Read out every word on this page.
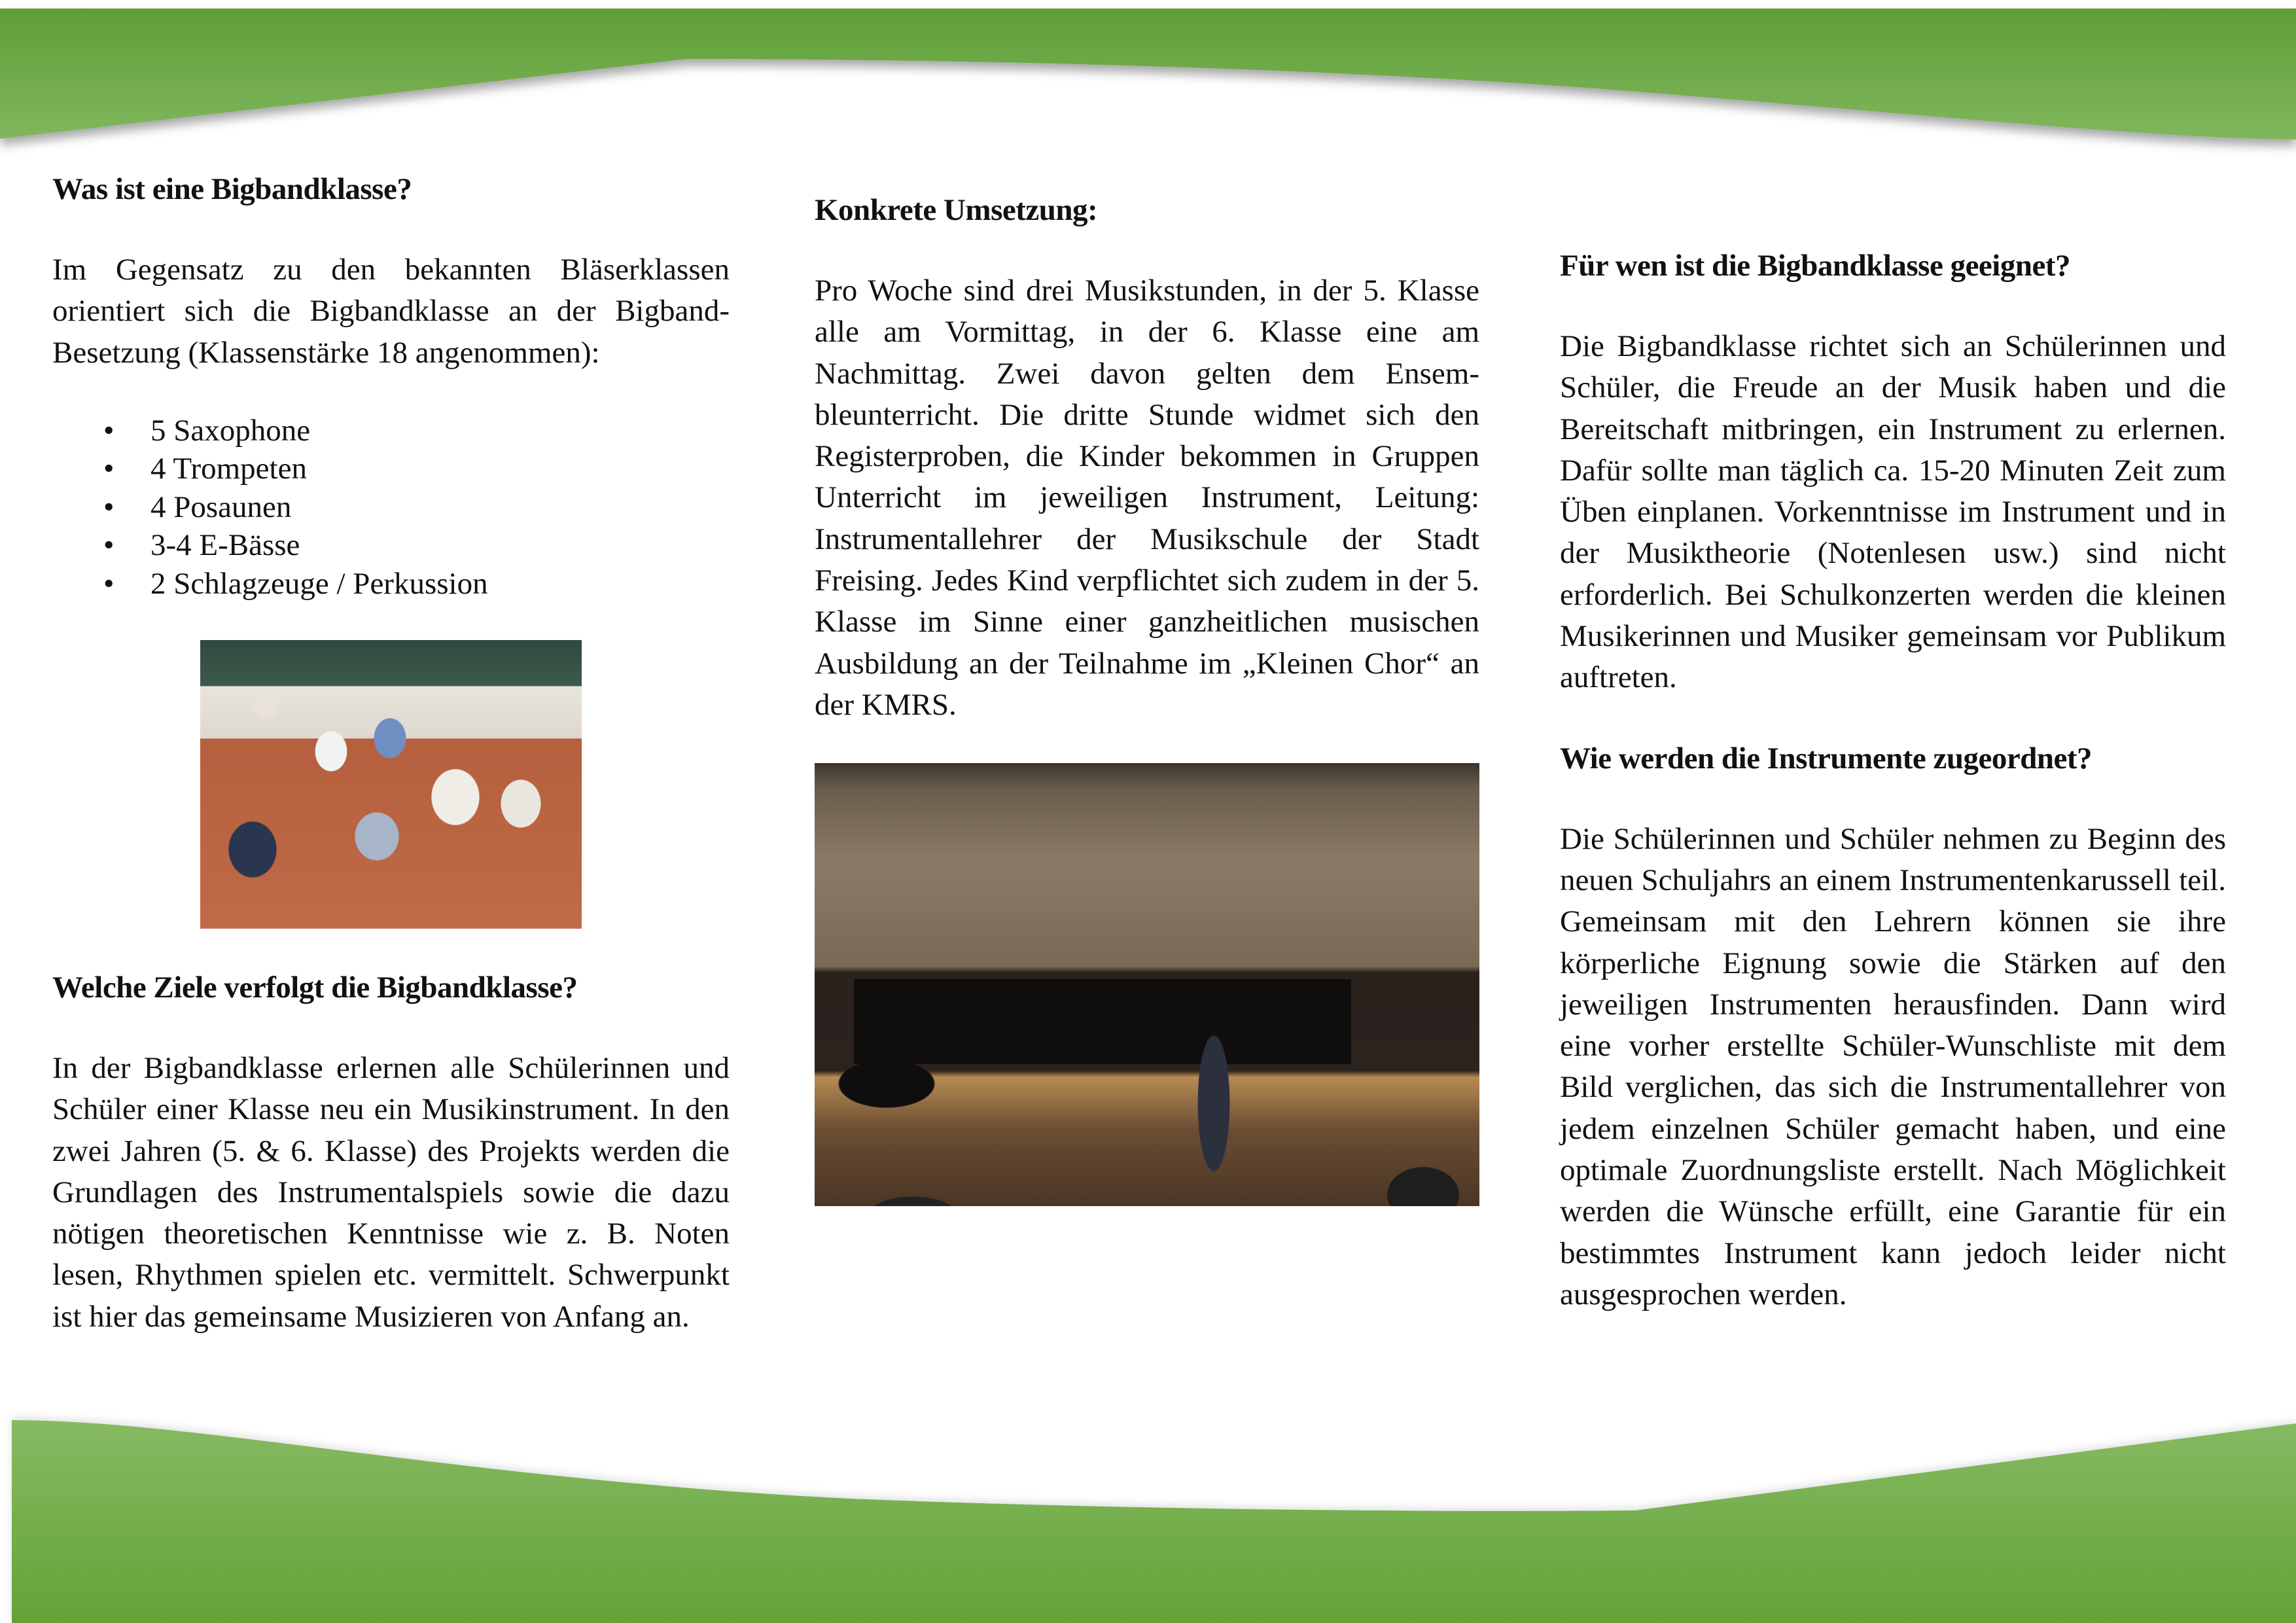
Was ist eine Bigbandklasse?

Im Gegensatz zu den bekannten Bläserklassen orientiert sich die Bigbandklasse an der Bigband-Besetzung (Klassenstärke 18 angenommen):

• 5 Saxophone
• 4 Trompeten
• 4 Posaunen
• 3-4 E-Bässe
• 2 Schlagzeuge / Perkussion
Welche Ziele verfolgt die Bigbandklasse?

In der Bigbandklasse erlernen alle Schülerinnen und Schüler einer Klasse neu ein Musikinstrument. In den zwei Jahren (5. & 6. Klasse) des Projekts werden die Grundlagen des Instrumentalspiels sowie die dazu nötigen theoretischen Kenntnisse wie z. B. Noten lesen, Rhythmen spielen etc. vermittelt. Schwerpunkt ist hier das gemeinsame Musizieren von Anfang an.

Konkrete Umsetzung:

Pro Woche sind drei Musikstunden, in der 5. Klasse alle am Vormittag, in der 6. Klasse eine am Nachmittag. Zwei davon gelten dem Ensembleunterricht. Die dritte Stunde widmet sich den Registerproben, die Kinder bekommen in Gruppen Unterricht im jeweiligen Instrument, Leitung: Instrumentallehrer der Musikschule der Stadt Freising. Jedes Kind verpflichtet sich zudem in der 5. Klasse im Sinne einer ganzheitlichen musischen Ausbildung an der Teilnahme im „Kleinen Chor“ an der KMRS.

Für wen ist die Bigbandklasse geeignet?

Die Bigbandklasse richtet sich an Schülerinnen und Schüler, die Freude an der Musik haben und die Bereitschaft mitbringen, ein Instrument zu erlernen. Dafür sollte man täglich ca. 15-20 Minuten Zeit zum Üben einplanen. Vorkenntnisse im Instrument und in der Musiktheorie (Notenlesen usw.) sind nicht erforderlich. Bei Schulkonzerten werden die kleinen Musikerinnen und Musiker gemeinsam vor Publikum auftreten.

Wie werden die Instrumente zugeordnet?

Die Schülerinnen und Schüler nehmen zu Beginn des neuen Schuljahrs an einem Instrumentenkarussell teil. Gemeinsam mit den Lehrern können sie ihre körperliche Eignung sowie die Stärken auf den jeweiligen Instrumenten herausfinden. Dann wird eine vorher erstellte Schüler-Wunschliste mit dem Bild verglichen, das sich die Instrumentallehrer von jedem einzelnen Schüler gemacht haben, und eine optimale Zuordnungsliste erstellt. Nach Möglichkeit werden die Wünsche erfüllt, eine Garantie für ein bestimmtes Instrument kann jedoch leider nicht ausgesprochen werden.
